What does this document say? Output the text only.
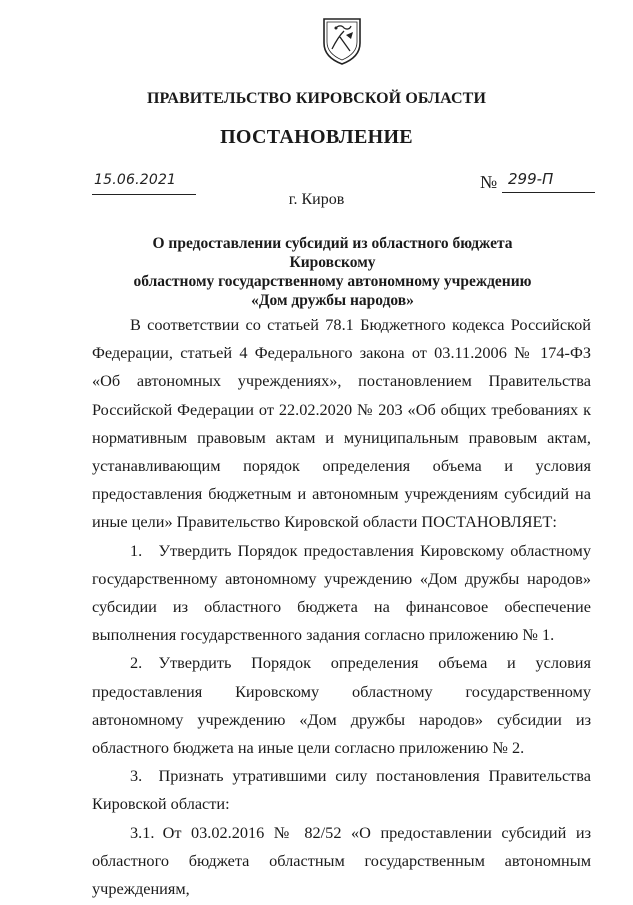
ПРАВИТЕЛЬСТВО КИРОВСКОЙ ОБЛАСТИ
ПОСТАНОВЛЕНИЕ
15.06.2021	№ 299-П
г. Киров
О предоставлении субсидий из областного бюджета Кировскому
областному государственному автономному учреждению
«Дом дружбы народов»

В соответствии со статьей 78.1 Бюджетного кодекса Российской Федерации, статьей 4 Федерального закона от 03.11.2006 № 174-ФЗ «Об автономных учреждениях», постановлением Правительства Российской Федерации от 22.02.2020 № 203 «Об общих требованиях к нормативным правовым актам и муниципальным правовым актам, устанавливающим порядок определения объема и условия предоставления бюджетным и автономным учреждениям субсидий на иные цели» Правительство Кировской области ПОСТАНОВЛЯЕТ:

1. Утвердить Порядок предоставления Кировскому областному государственному автономному учреждению «Дом дружбы народов» субсидии из областного бюджета на финансовое обеспечение выполнения государственного задания согласно приложению № 1.

2. Утвердить Порядок определения объема и условия предоставления Кировскому областному государственному автономному учреждению «Дом дружбы народов» субсидии из областного бюджета на иные цели согласно приложению № 2.

3. Признать утратившими силу постановления Правительства Кировской области:

3.1. От 03.02.2016 № 82/52 «О предоставлении субсидий из областного бюджета областным государственным автономным учреждениям,
